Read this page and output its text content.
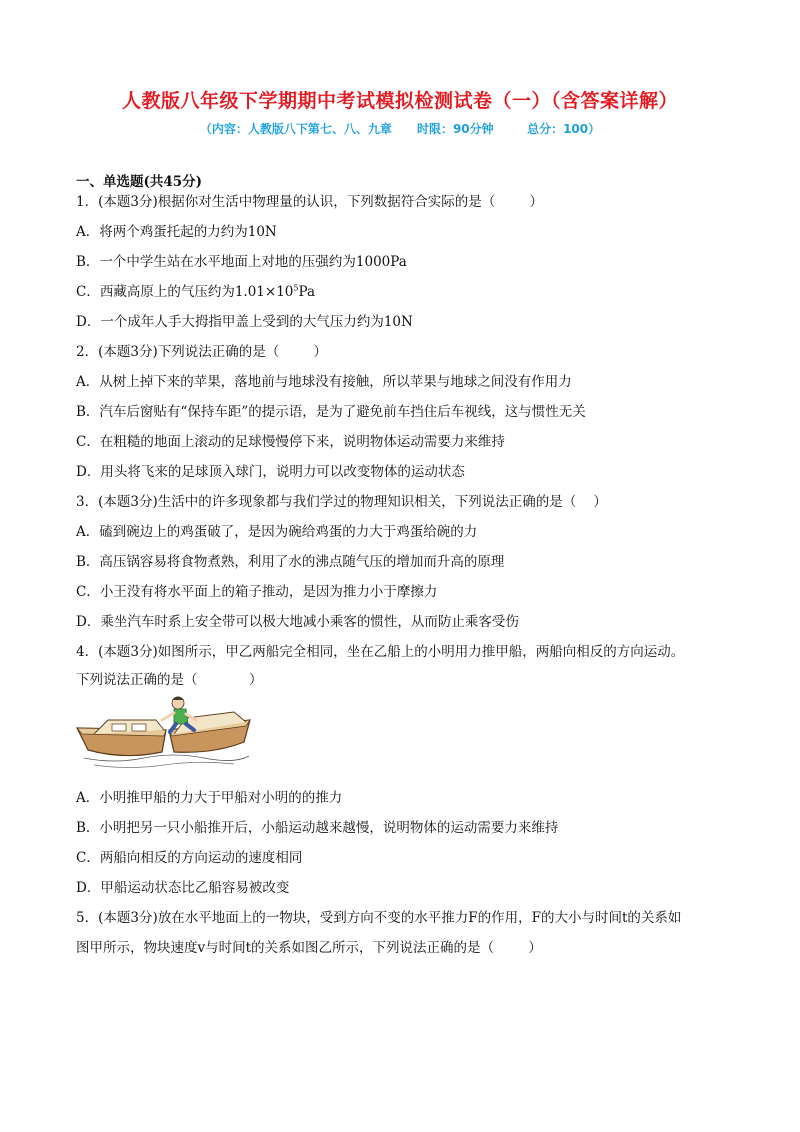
人教版八年级下学期期中考试模拟检测试卷（一）（含答案详解）
（内容：人教版八下第七、八、九章      时限：90分钟        总分：100）
一、单选题(共45分)
1．(本题3分)根据你对生活中物理量的认识，下列数据符合实际的是（        ）
A．将两个鸡蛋托起的力约为10N
B．一个中学生站在水平地面上对地的压强约为1000Pa
C．西藏高原上的气压约为$1.01\times 10^5Pa$
D．一个成年人手大拇指甲盖上受到的大气压力约为10N
2．(本题3分)下列说法正确的是（        ）
A．从树上掉下来的苹果，落地前与地球没有接触，所以苹果与地球之间没有作用力
B．汽车后窗贴有“保持车距”的提示语，是为了避免前车挡住后车视线，这与惯性无关
C．在粗糙的地面上滚动的足球慢慢停下来，说明物体运动需要力来维持
D．用头将飞来的足球顶入球门，说明力可以改变物体的运动状态
3．(本题3分)生活中的许多现象都与我们学过的物理知识相关，下列说法正确的是（    ）
A．磕到碗边上的鸡蛋破了，是因为碗给鸡蛋的力大于鸡蛋给碗的力
B．高压锅容易将食物煮熟，利用了水的沸点随气压的增加而升高的原理
C．小王没有将水平面上的箱子推动，是因为推力小于摩擦力
D．乘坐汽车时系上安全带可以极大地减小乘客的惯性，从而防止乘客受伤
4．(本题3分)如图所示，甲乙两船完全相同，坐在乙船上的小明用力推甲船，两船向相反的方向运动。
下列说法正确的是（            ）
A．小明推甲船的力大于甲船对小明的的推力
B．小明把另一只小船推开后，小船运动越来越慢，说明物体的运动需要力来维持
C．两船向相反的方向运动的速度相同
D．甲船运动状态比乙船容易被改变
5．(本题3分)放在水平地面上的一物块，受到方向不变的水平推力F的作用，F的大小与时间t的关系如
图甲所示，物块速度v与时间t的关系如图乙所示，下列说法正确的是（        ）
